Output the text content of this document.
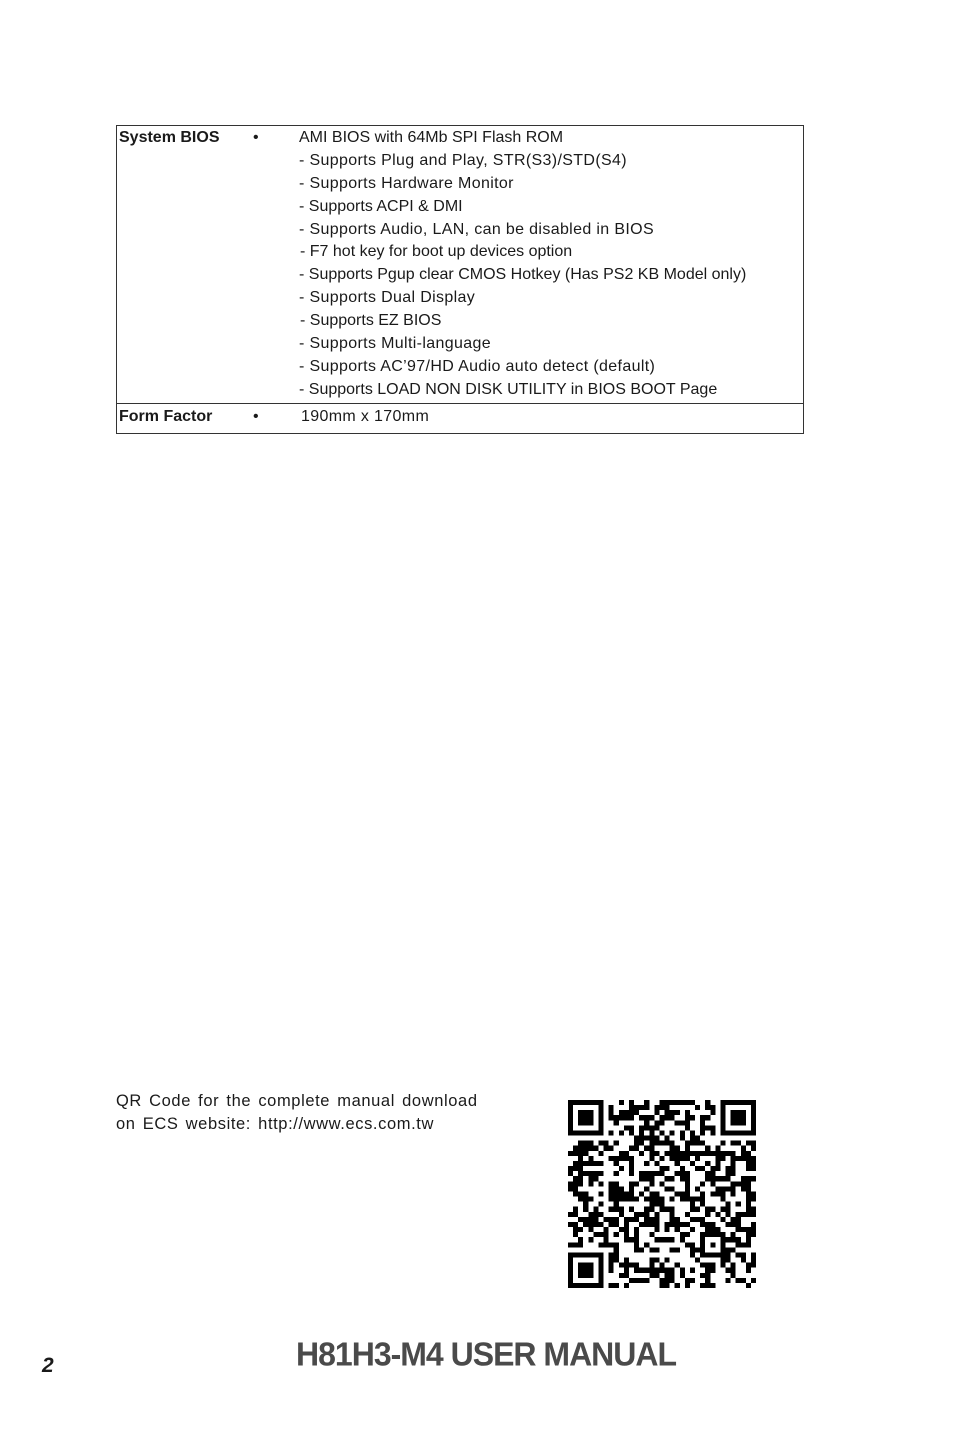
System BIOS	•	AMI BIOS with 64Mb SPI Flash ROM
- Supports Plug and Play, STR(S3)/STD(S4)
- Supports Hardware Monitor
- Supports ACPI & DMI
- Supports Audio, LAN, can be disabled in BIOS
- F7 hot key for boot up devices option
- Supports Pgup clear CMOS Hotkey (Has PS2 KB Model only)
- Supports Dual Display
- Supports EZ BIOS
- Supports Multi-language
- Supports AC’97/HD Audio auto detect (default)
- Supports LOAD NON DISK UTILITY in BIOS BOOT Page
Form Factor	•	190mm x 170mm
QR Code for the complete manual download
on ECS website: http://www.ecs.com.tw
2	H81H3-M4 USER MANUAL
